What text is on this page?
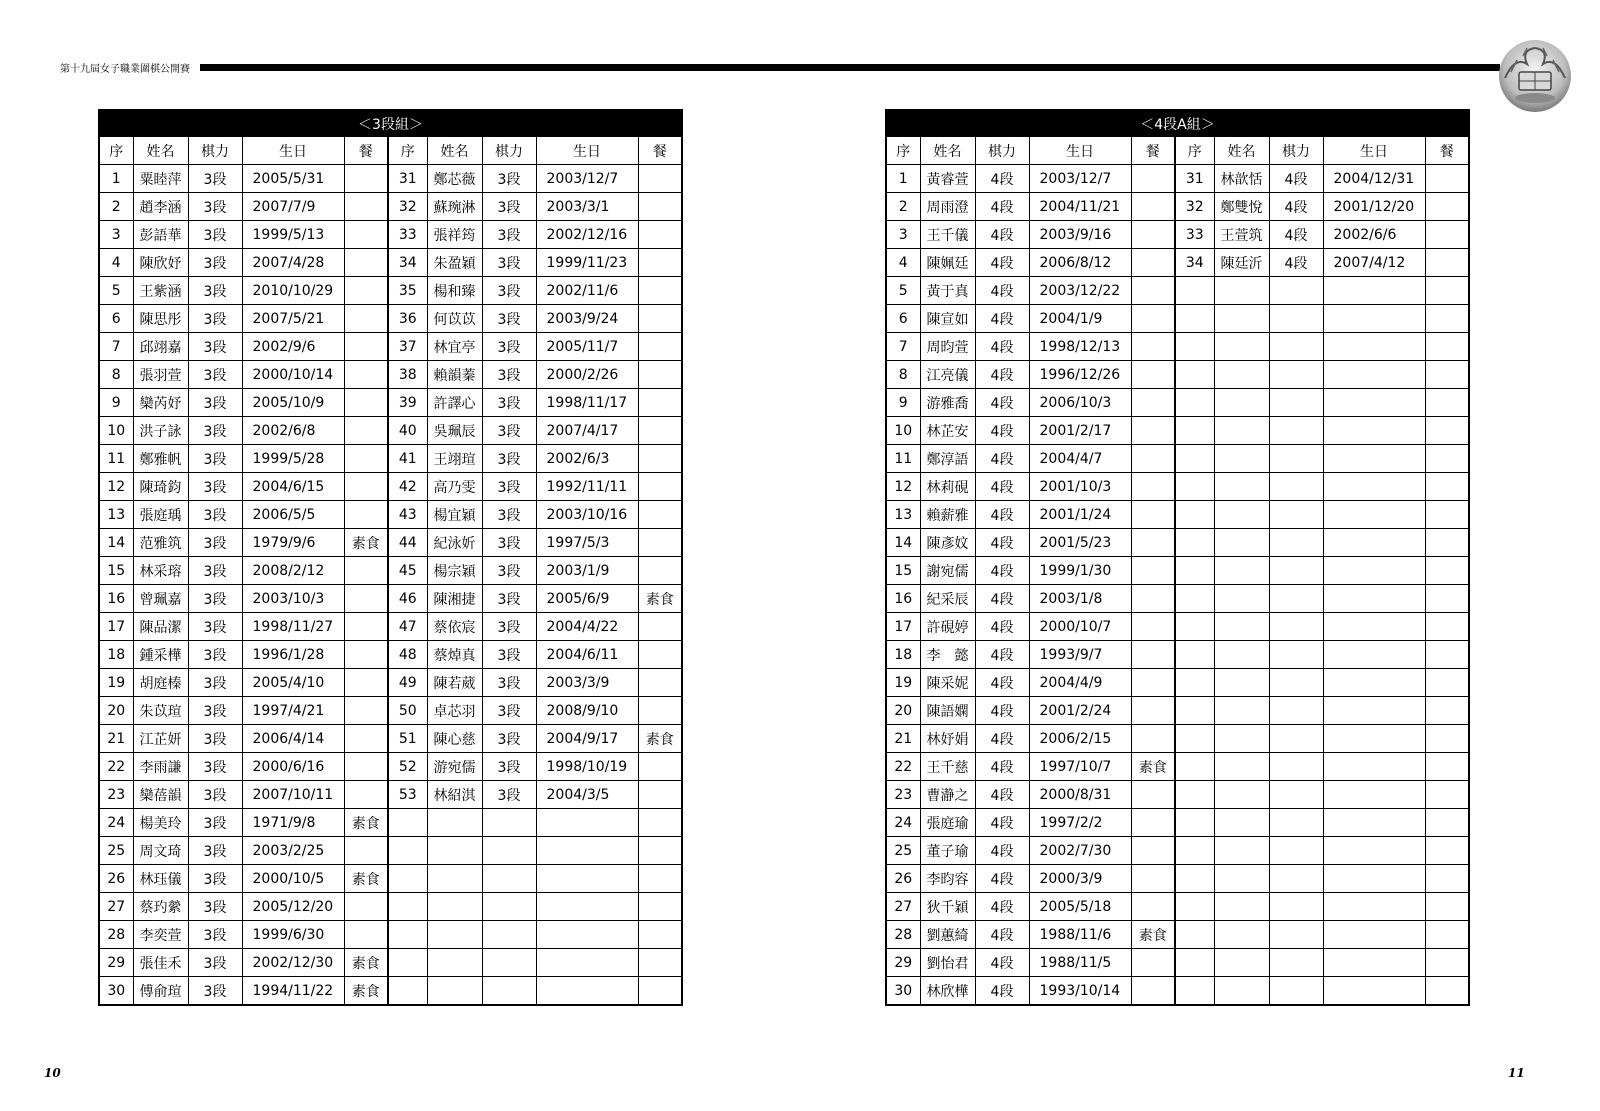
第十九屆女子職業圍棋公開賽
10	11
＜3段組＞									
序	姓名	棋力	生日	餐	序	姓名	棋力	生日	餐
1	粟睦萍	3段	2005/5/31		31	鄭芯薇	3段	2003/12/7	
2	趙李涵	3段	2007/7/9		32	蘇琬淋	3段	2003/3/1	
3	彭語華	3段	1999/5/13		33	張祥筠	3段	2002/12/16	
4	陳欣妤	3段	2007/4/28		34	朱盈穎	3段	1999/11/23	
5	王紫涵	3段	2010/10/29		35	楊和臻	3段	2002/11/6	
6	陳思彤	3段	2007/5/21		36	何苡苡	3段	2003/9/24	
7	邱翊嘉	3段	2002/9/6		37	林宜亭	3段	2005/11/7	
8	張羽萱	3段	2000/10/14		38	賴韻蓁	3段	2000/2/26	
9	欒芮妤	3段	2005/10/9		39	許譯心	3段	1998/11/17	
10	洪子詠	3段	2002/6/8		40	吳珮辰	3段	2007/4/17	
11	鄭雅帆	3段	1999/5/28		41	王翊瑄	3段	2002/6/3	
12	陳琦鈞	3段	2004/6/15		42	高乃雯	3段	1992/11/11	
13	張庭瑀	3段	2006/5/5		43	楊宜穎	3段	2003/10/16	
14	范雅筑	3段	1979/9/6	素食	44	紀泳妡	3段	1997/5/3	
15	林采瑢	3段	2008/2/12		45	楊宗穎	3段	2003/1/9	
16	曾珮嘉	3段	2003/10/3		46	陳湘捷	3段	2005/6/9	素食
17	陳品潔	3段	1998/11/27		47	蔡依宸	3段	2004/4/22	
18	鍾采樺	3段	1996/1/28		48	蔡焯真	3段	2004/6/11	
19	胡庭榛	3段	2005/4/10		49	陳若葳	3段	2003/3/9	
20	朱苡瑄	3段	1997/4/21		50	卓芯羽	3段	2008/9/10	
21	江芷妍	3段	2006/4/14		51	陳心慈	3段	2004/9/17	素食
22	李雨謙	3段	2000/6/16		52	游宛儒	3段	1998/10/19	
23	欒蓓韻	3段	2007/10/11		53	林紹淇	3段	2004/3/5	
24	楊美玲	3段	1971/9/8	素食					
25	周文琦	3段	2003/2/25						
26	林珏儀	3段	2000/10/5	素食					
27	蔡玓縈	3段	2005/12/20						
28	李奕萱	3段	1999/6/30						
29	張佳禾	3段	2002/12/30	素食					
30	傅俞瑄	3段	1994/11/22	素食					
＜4段A組＞									
序	姓名	棋力	生日	餐	序	姓名	棋力	生日	餐
1	黃睿萱	4段	2003/12/7		31	林歆恬	4段	2004/12/31	
2	周雨澄	4段	2004/11/21		32	鄭雙悅	4段	2001/12/20	
3	王千儀	4段	2003/9/16		33	王萱筑	4段	2002/6/6	
4	陳姵廷	4段	2006/8/12		34	陳廷沂	4段	2007/4/12	
5	黃于真	4段	2003/12/22						
6	陳宣如	4段	2004/1/9						
7	周昀萱	4段	1998/12/13						
8	江亮儀	4段	1996/12/26						
9	游雅喬	4段	2006/10/3						
10	林芷安	4段	2001/2/17						
11	鄭淳語	4段	2004/4/7						
12	林莉硯	4段	2001/10/3						
13	賴薪雅	4段	2001/1/24						
14	陳彥妏	4段	2001/5/23						
15	謝宛儒	4段	1999/1/30						
16	紀采辰	4段	2003/1/8						
17	許硯婷	4段	2000/10/7						
18	李　懿	4段	1993/9/7						
19	陳采妮	4段	2004/4/9						
20	陳語嫻	4段	2001/2/24						
21	林妤娟	4段	2006/2/15						
22	王千慈	4段	1997/10/7	素食					
23	曹瀞之	4段	2000/8/31						
24	張庭瑜	4段	1997/2/2						
25	董子瑜	4段	2002/7/30						
26	李昀容	4段	2000/3/9						
27	狄千穎	4段	2005/5/18						
28	劉蕙綺	4段	1988/11/6	素食					
29	劉怡君	4段	1988/11/5						
30	林欣樺	4段	1993/10/14						
